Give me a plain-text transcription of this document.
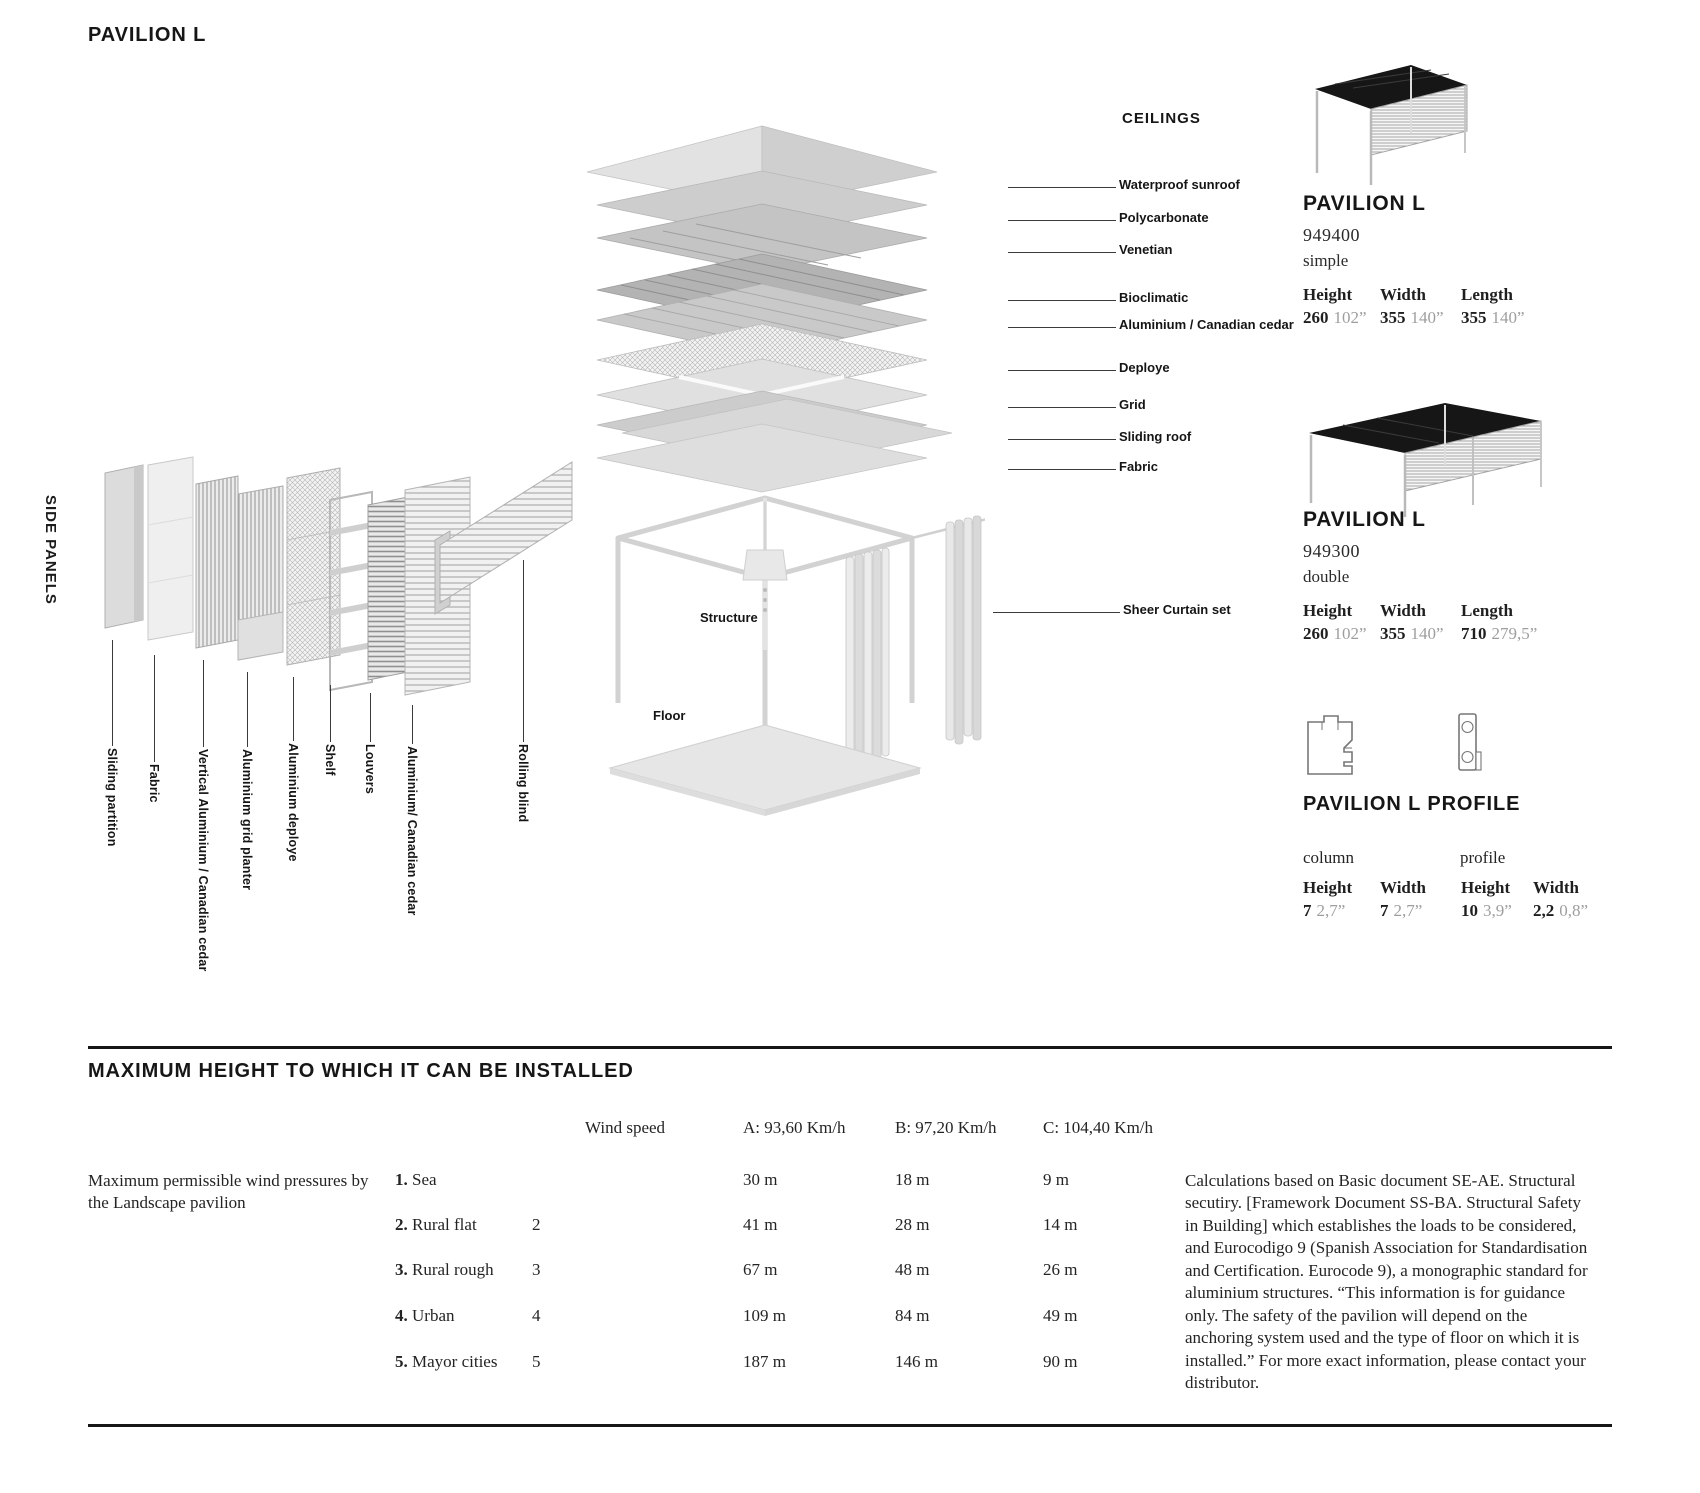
PAVILION L
SIDE PANELS
Sliding partition Fabric	Vertical Aluminium / Canadian cedar Aluminium grid planter	Aluminium deploye Shelf Louvers Aluminium/ Canadian cedar	Rolling blind
Structure
Floor
CEILINGS
Waterproof sunroof
Polycarbonate
Venetian
Bioclimatic
Aluminium / Canadian cedar
Deploye
Grid
Sliding roof
Fabric
Sheer Curtain set
PAVILION L
949400
simple
Height
260 102”
Width
355 140”
Length
355 140”
PAVILION L
949300
double
Height
260 102”
Width
355 140”
Length
710 279,5”
PAVILION L PROFILE
column	profile
Height
7 2,7”
Width
7 2,7”
Height
10 3,9”
Width
2,2 0,8”
MAXIMUM HEIGHT TO WHICH IT CAN BE INSTALLED
Wind speed	A: 93,60 Km/h	B: 97,20 Km/h	C: 104,40 Km/h
Maximum permissible wind pressures by the Landscape pavilion
1. Sea	30 m	18 m	9 m
2. Rural flat	2	41 m	28 m	14 m
3. Rural rough 3	67 m	48 m	26 m
4. Urban	4	109 m	84 m	49 m
5. Mayor cities 5	187 m	146 m	90 m
Calculations based on Basic document SE-AE. Structural secutiry. [Framework Document SS-BA. Structural Safety in Building] which establishes the loads to be considered, and Eurocodigo 9 (Spanish Association for Standardisation and Certification. Eurocode 9), a monographic standard for aluminium structures. “This information is for guidance only. The safety of the pavilion will depend on the anchoring system used and the type of floor on which it is installed.” For more exact information, please contact your distributor.
